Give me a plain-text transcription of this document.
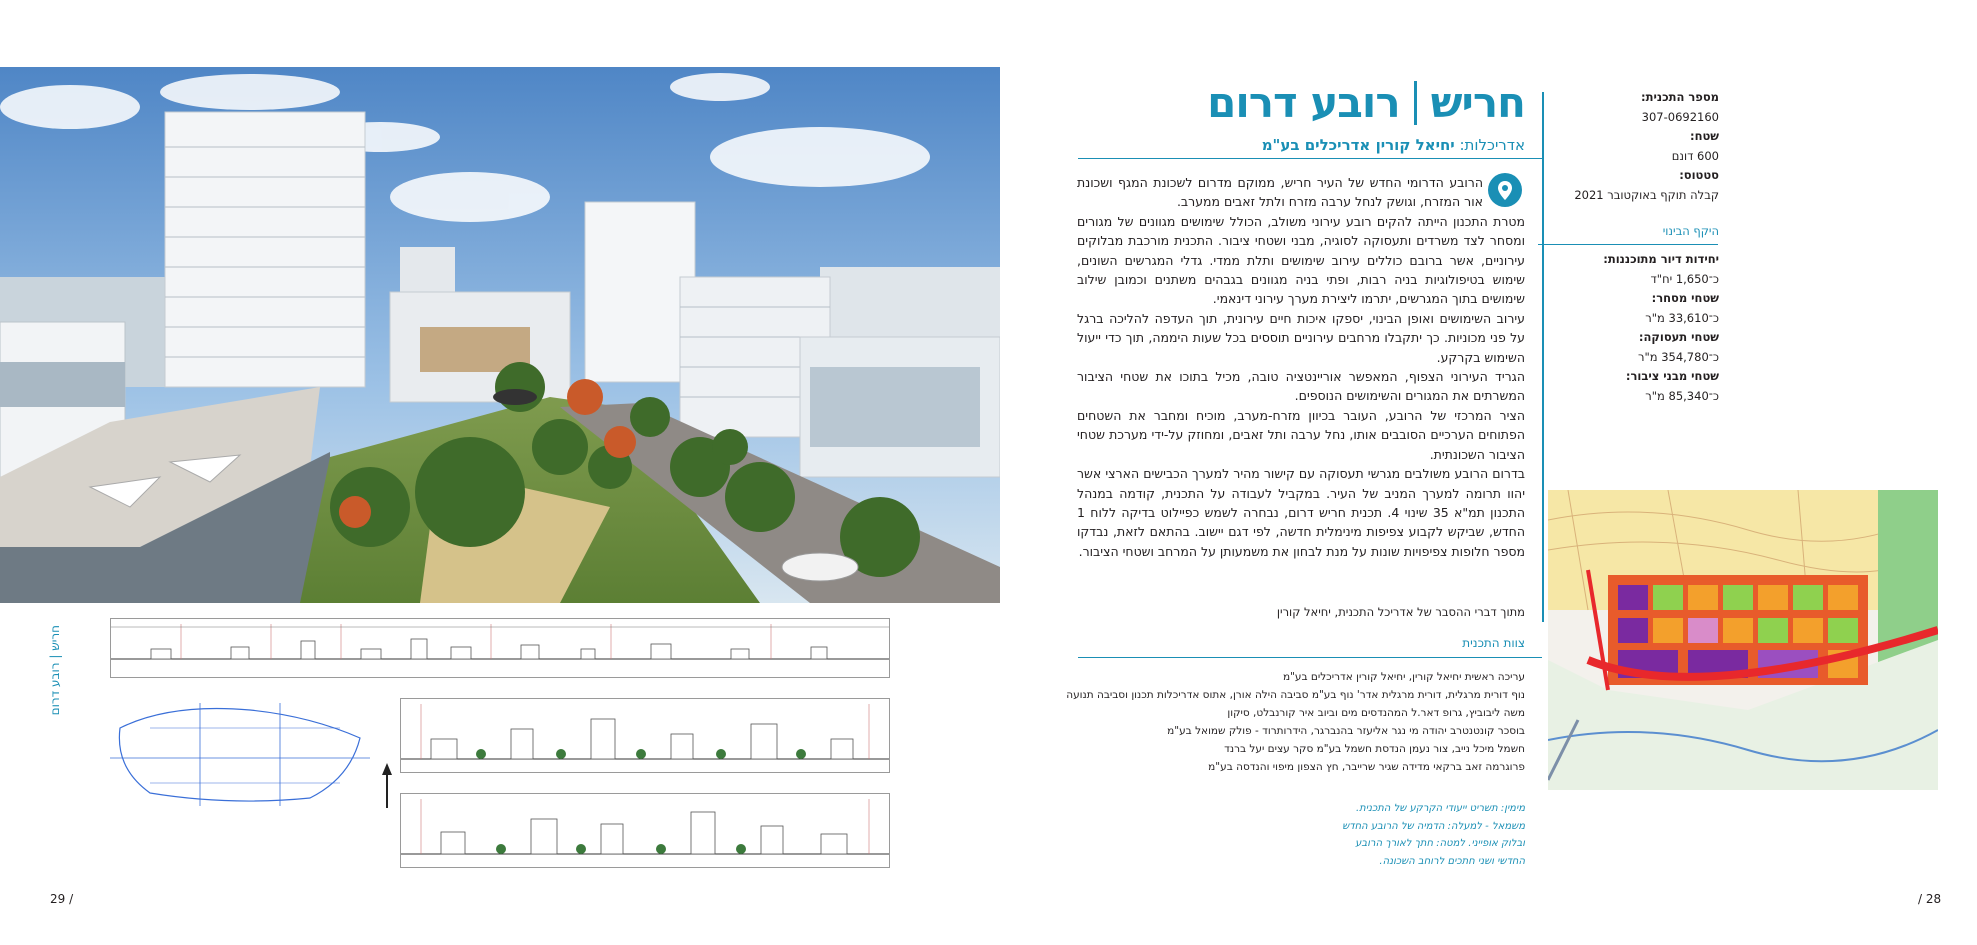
חריש | רובע דרום
29 /
חריש
רובע דרום
אדריכלות: יחיאל קורין אדריכלים בע"מ

הרובע הדרומי החדש של העיר חריש, ממוקם מדרום לשכונת המגף ושכונת אור המזרח, וגושק לנחל ערבה מזרח ולתל זאבים ממערב.

מטרת התכנון הייתה להקים רובע עירוני משולב, הכולל שימושים מגוונים של מגורים ומסחר לצד משרדים ותעסוקה לסוגיה, מבני ושטחי ציבור. התכנית מורכבת מבלוקים עירוניים, אשר ברובם כוללים עירוב שימושים ותלת ממדי. גדלי המגרשים השונים, שימוש בטיפולוגיות בניה רבות, ופתי בניה מגוונים בגבהים משתנים וכמובן שילוב שימושים בתוך המגרשים, יתרמו ליצירת מערך עירוני דינאמי.

עירוב השימושים ואופן הבינוי, יספקו איכות חיים עירונית, תוך העדפה להליכה ברגל על פני מכוניות. כך יתקבלו מרחבים עירוניים תוססים בכל שעות היממה, תוך כדי ייעול השימוש בקרקע.

הגריד העירוני הצפוף, המאפשר אוריינטציה טובה, מכיל בתוכו את שטחי הציבור המשרתים את המגורים והשימושים הנוספים.

הציר המרכזי של הרובע, העובר בכיוון מזרח-מערב, מוכיח ומחבר את השטחים הפתוחים הערכיים הסובבים אותו, נחל ערבה ותל זאבים, ומחוזק על-ידי מערכת שטחי הציבור השכונתית.

בדרום הרובע משולבים מגרשי תעסוקה עם קישור מהיר למערך הכבישים הארצי אשר יהוו תרומה למערך המניב של העיר. במקביל לעבודה על התכנית, קודמה במנהל התכנון תמ"א 35 שינוי 4. תכנית חריש דרום, נבחרה לשמש כפיילוט בדיקה ללוח 1 החדש, שביקש לקבוע צפיפות מינימלית חדשה, לפי דגם יישוב. בהתאם לזאת, נבדקו מספר חלופות צפיפויות שונות על מנת לבחון את משמעותן על המרחב ושטחי הציבור.

מתוך דברי ההסבר של אדריכל התכנית, יחיאל קורין
צוות התכנית
עריכה ראשית יחיאל קורין, יחיאל קורין אדריכלים בע"מ
נוף דורית מרגלית, דורית מרגלית אדר' נוף בע"מ סביבה הילה אורן, אתוס אדריכלות תכנון וסביבה תנועה משה ליבוביץ, גרופ דאר.ל המהנדסים מים וביוב איר קורנבלט, סיקון
בוסכר קונטנטרב יהודה מי נגר אליעזר בהנברגר, הידרותרוד - פולק שמואל בע"מ
חשמל מיכל נייב, צור נעמן הנדסת חשמל בע"מ סקר עצים יעל ברנד
פרוגרמה זאב ברקאי מדידה שגיר שרייבר, חץ הצפון מיפוי והנדסה בע"מ
מימין: תשריט ייעודי הקרקע של התכנית.
משמאל - למעלה: הדמיה של הרובע החדש
ובלוק אופייני. למטה: חתך לאורך הרובע
החדשי ושני חתכים לרוחב השכונה.
מספר התכנית:
307-0692160
שטח:
600 דונם
סטטוס:
קבלה תוקף באוקטובר 2021
היקף הבינוי
יחידות דיור מתוכננות:
כ־1,650 יח"ד
שטחי מסחר:
כ־33,610 מ"ר
שטחי תעסוקה:
כ־354,780 מ"ר
שטחי מבני ציבור:
כ־85,340 מ"ר
/ 28
